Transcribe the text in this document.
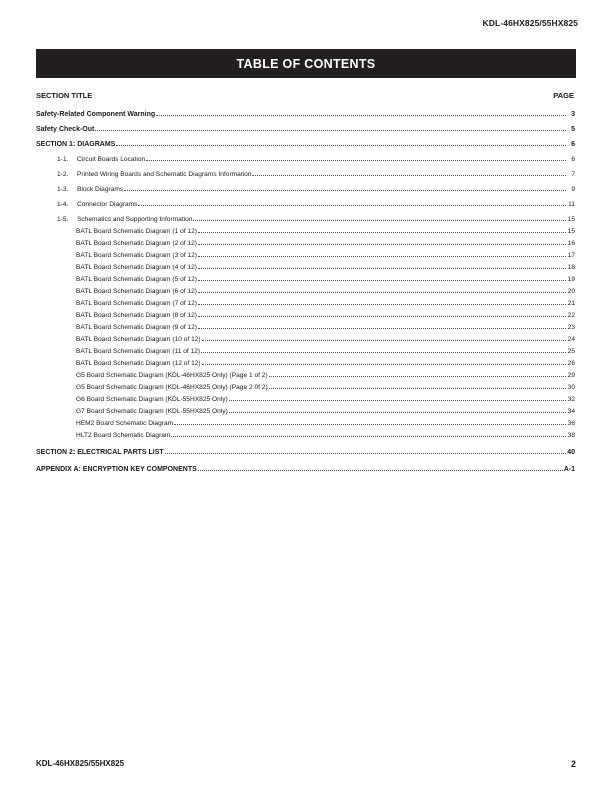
KDL-46HX825/55HX825
TABLE OF CONTENTS
SECTION TITLE	PAGE
Safety-Related Component Warning	3
Safety Check-Out	5
SECTION 1: DIAGRAMS	6
1-1.	Circuit Boards Location	6
1-2.	Printed Wiring Boards and Schematic Diagrams Information	7
1-3.	Block Diagrams	9
1-4.	Connector Diagrams	11
1-5.	Schematics and Supporting Information	15
BATL Board Schematic Diagram (1 of 12)	15
BATL Board Schematic Diagram (2 of 12)	16
BATL Board Schematic Diagram (3 of 12)	17
BATL Board Schematic Diagram (4 of 12)	18
BATL Board Schematic Diagram (5 of 12)	19
BATL Board Schematic Diagram (6 of 12)	20
BATL Board Schematic Diagram (7 of 12)	21
BATL Board Schematic Diagram (8 of 12)	22
BATL Board Schematic Diagram (9 of 12)	23
BATL Board Schematic Diagram (10 of 12)	24
BATL Board Schematic Diagram (11 of 12)	25
BATL Board Schematic Diagram (12 of 12)	26
G5 Board Schematic Diagram (KDL-46HX825 Only) (Page 1 of 2)	29
G5 Board Schematic Diagram (KDL-46HX825 Only) (Page 2 0f 2)	30
G6 Board Schematic Diagram (KDL-55HX825 Only)	32
G7 Board Schematic Diagram (KDL-55HX825 Only)	34
HEM2 Board Schematic Diagram	36
HLT2 Board Schematic Diagram	38
SECTION 2: ELECTRICAL PARTS LIST	40
APPENDIX A: ENCRYPTION KEY COMPONENTS	A-1
KDL-46HX825/55HX825	2
